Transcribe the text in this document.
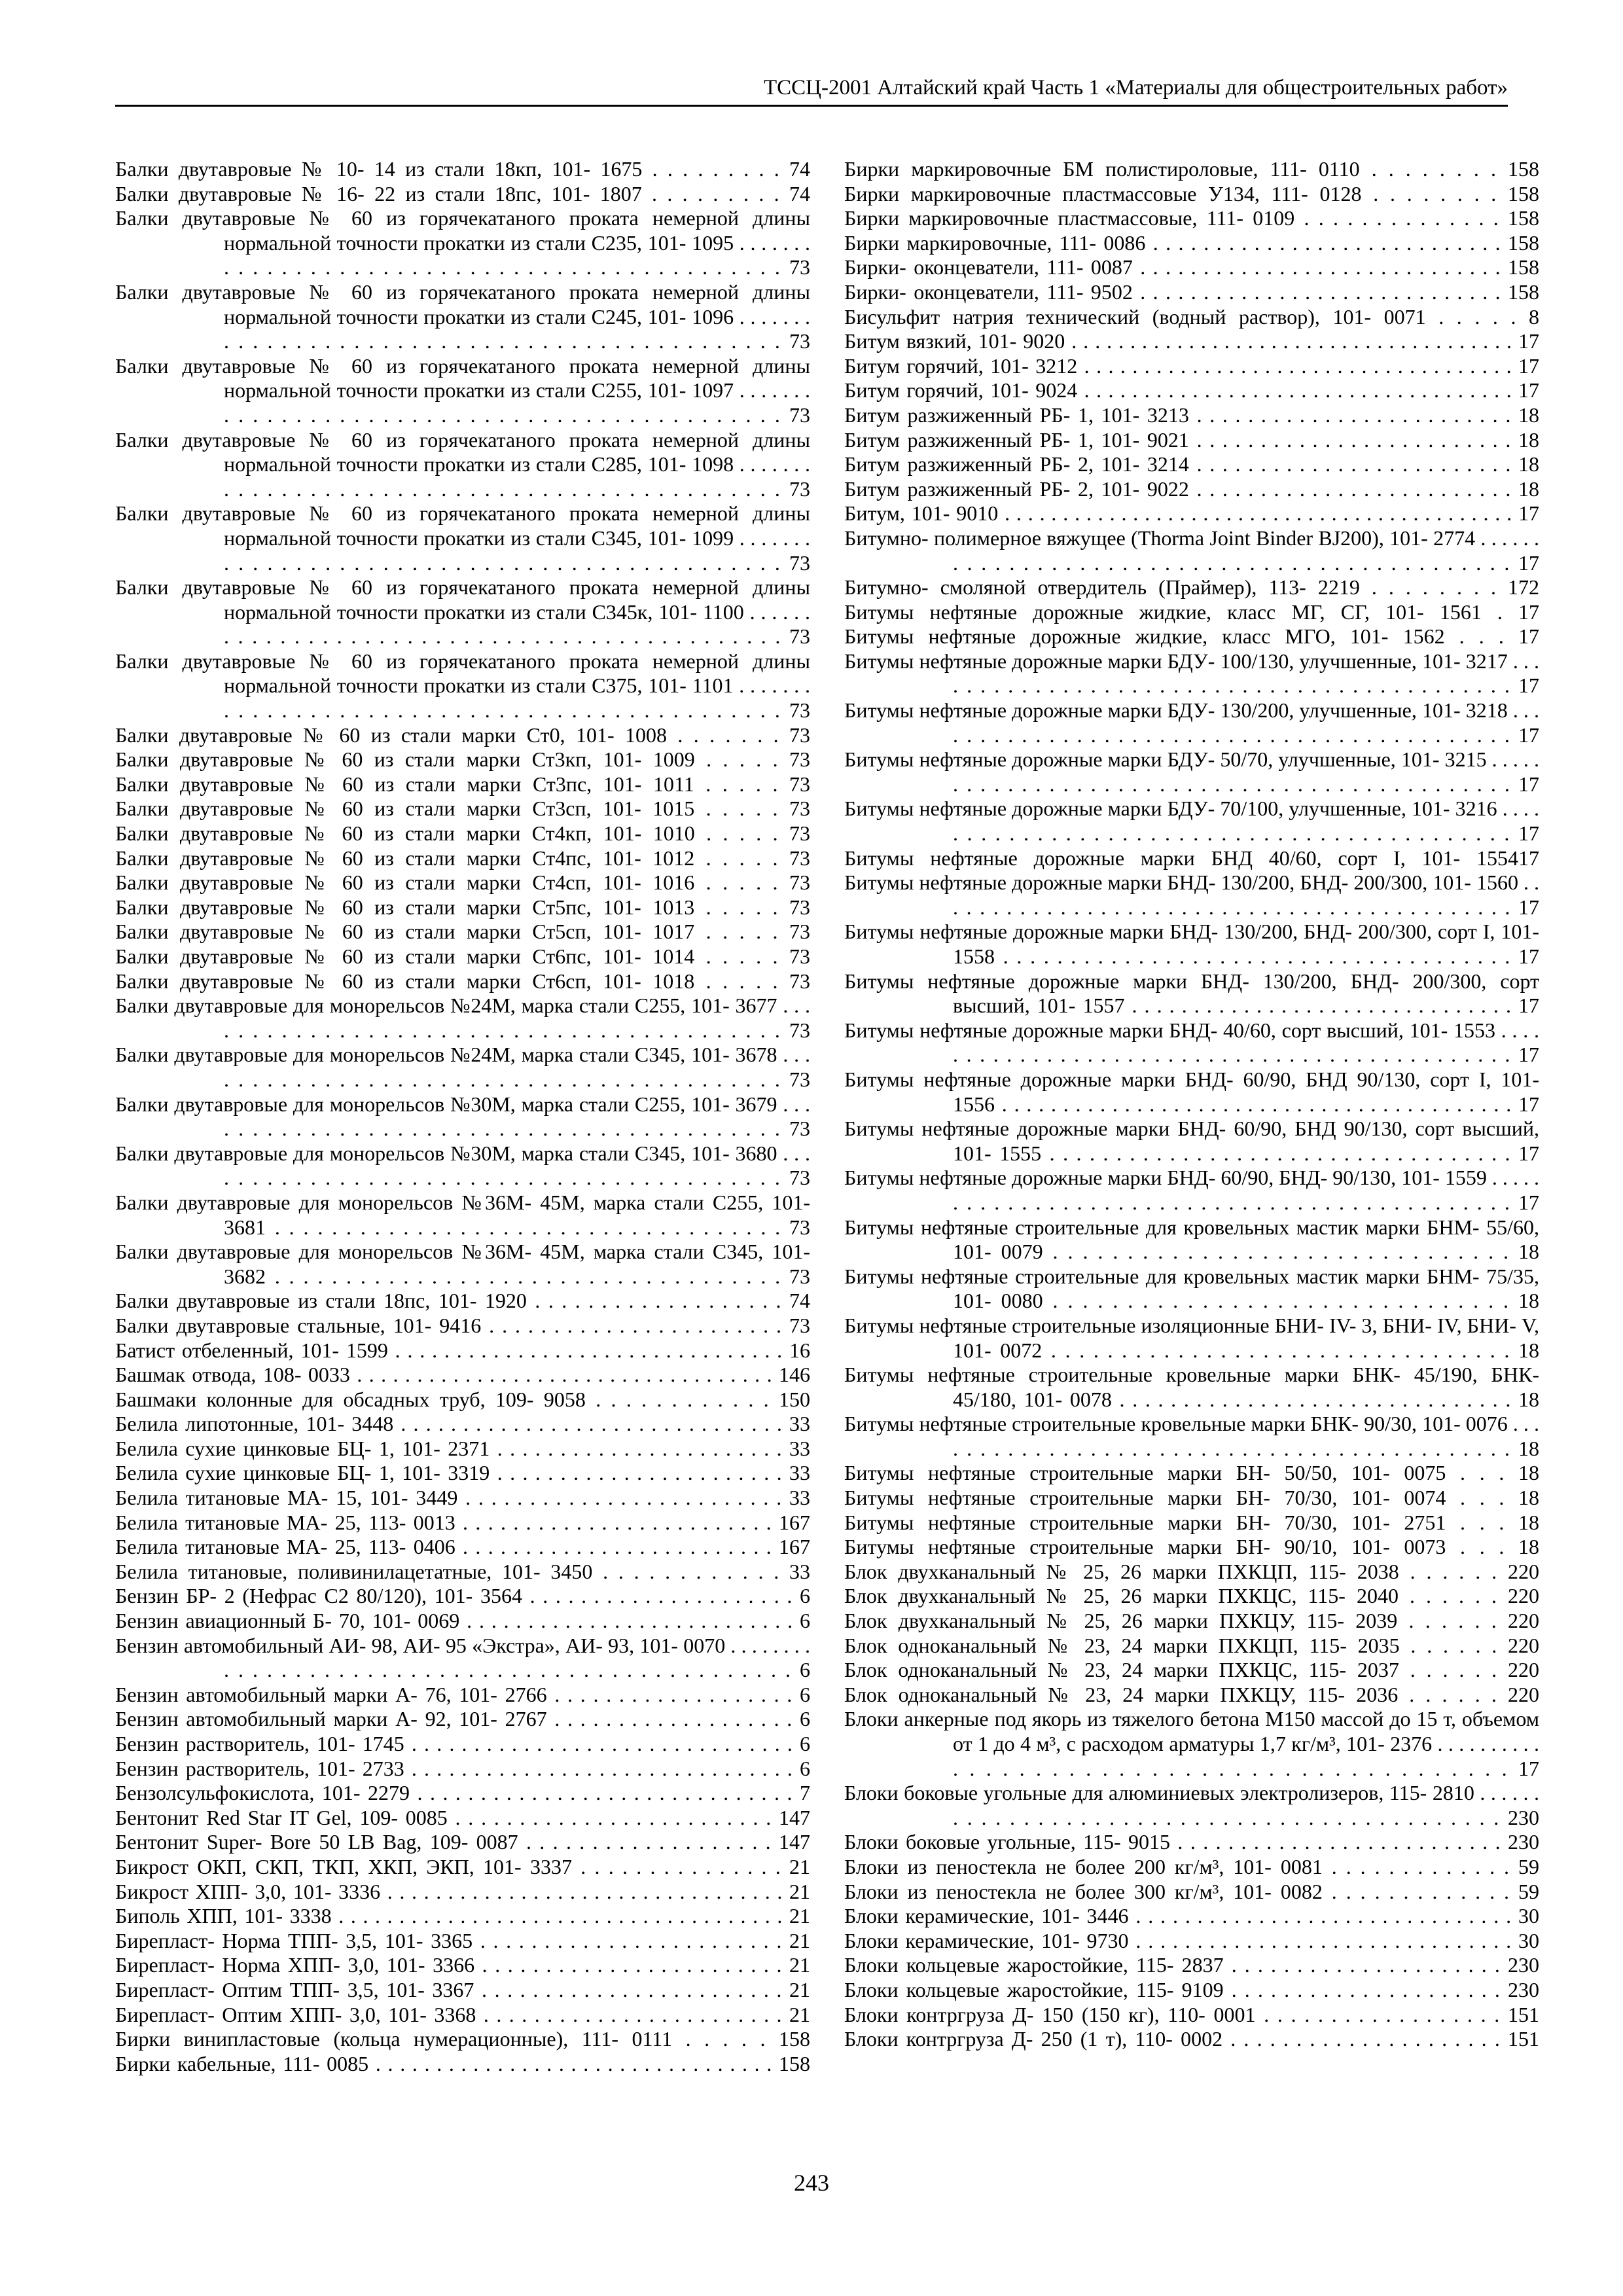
ТССЦ-2001 Алтайский край Часть 1 «Материалы для общестроительных работ»
Балки двутавровые № 10- 14 из стали 18кп, 101- 1675 . . . . . . . . . 74
Балки двутавровые № 16- 22 из стали 18пс, 101- 1807 . . . . . . . . . 74
Балки двутавровые № 60 из горячекатаного проката немерной длины нормальной точности прокатки из стали С235, 101- 1095 . . . . . . . . . . . . . . . . . . . . . . . . . . . . . . . . . . . . . . . . . . . . . . 73
Балки двутавровые № 60 из горячекатаного проката немерной длины нормальной точности прокатки из стали С245, 101- 1096 . . . . . . . . . . . . . . . . . . . . . . . . . . . . . . . . . . . . . . . . . . . . . . 73
Балки двутавровые № 60 из горячекатаного проката немерной длины нормальной точности прокатки из стали С255, 101- 1097 . . . . . . . . . . . . . . . . . . . . . . . . . . . . . . . . . . . . . . . . . . . . . . 73
Балки двутавровые № 60 из горячекатаного проката немерной длины нормальной точности прокатки из стали С285, 101- 1098 . . . . . . . . . . . . . . . . . . . . . . . . . . . . . . . . . . . . . . . . . . . . . . 73
Балки двутавровые № 60 из горячекатаного проката немерной длины нормальной точности прокатки из стали С345, 101- 1099 . . . . . . . . . . . . . . . . . . . . . . . . . . . . . . . . . . . . . . . . . . . . . . 73
Балки двутавровые № 60 из горячекатаного проката немерной длины нормальной точности прокатки из стали С345к, 101- 1100 . . . . . . . . . . . . . . . . . . . . . . . . . . . . . . . . . . . . . . . . . . . . . . 73
Балки двутавровые № 60 из горячекатаного проката немерной длины нормальной точности прокатки из стали С375, 101- 1101 . . . . . . . . . . . . . . . . . . . . . . . . . . . . . . . . . . . . . . . . . . . . . . 73
Балки двутавровые № 60 из стали марки Ст0, 101- 1008 . . . . . . . 73
Балки двутавровые № 60 из стали марки Ст3кп, 101- 1009 . . . . . 73
Балки двутавровые № 60 из стали марки Ст3пс, 101- 1011 . . . . . 73
Балки двутавровые № 60 из стали марки Ст3сп, 101- 1015 . . . . . 73
Балки двутавровые № 60 из стали марки Ст4кп, 101- 1010 . . . . . 73
Балки двутавровые № 60 из стали марки Ст4пс, 101- 1012 . . . . . 73
Балки двутавровые № 60 из стали марки Ст4сп, 101- 1016 . . . . . 73
Балки двутавровые № 60 из стали марки Ст5пс, 101- 1013 . . . . . 73
Балки двутавровые № 60 из стали марки Ст5сп, 101- 1017 . . . . . 73
Балки двутавровые № 60 из стали марки Ст6пс, 101- 1014 . . . . . 73
Балки двутавровые № 60 из стали марки Ст6сп, 101- 1018 . . . . . 73
Балки двутавровые для монорельсов №24М, марка стали С255, 101- 3677 . . . . . . . . . . . . . . . . . . . . . . . . . . . . . . . . . . . . . . . . . . 73
Балки двутавровые для монорельсов №24М, марка стали С345, 101- 3678 . . . . . . . . . . . . . . . . . . . . . . . . . . . . . . . . . . . . . . . . . . 73
Балки двутавровые для монорельсов №30М, марка стали С255, 101- 3679 . . . . . . . . . . . . . . . . . . . . . . . . . . . . . . . . . . . . . . . . . . 73
Балки двутавровые для монорельсов №30М, марка стали С345, 101- 3680 . . . . . . . . . . . . . . . . . . . . . . . . . . . . . . . . . . . . . . . . . . 73
Балки двутавровые для монорельсов №36М- 45М, марка стали С255, 101- 3681 . . . . . . . . . . . . . . . . . . . . . . . . . . . . . . . . . . . . 73
Балки двутавровые для монорельсов №36М- 45М, марка стали С345, 101- 3682 . . . . . . . . . . . . . . . . . . . . . . . . . . . . . . . . . . . . 73
Балки двутавровые из стали 18пс, 101- 1920 . . . . . . . . . . . . . . . . . . . 74
Балки двутавровые стальные, 101- 9416 . . . . . . . . . . . . . . . . . . . . . . . 73
Батист отбеленный, 101- 1599 . . . . . . . . . . . . . . . . . . . . . . . . . . . . . . . . 16
Башмак отвода, 108- 0033 . . . . . . . . . . . . . . . . . . . . . . . . . . . . . . . . . . . 146
Башмаки колонные для обсадных труб, 109- 9058 . . . . . . . . . . . . 150
Белила липотонные, 101- 3448 . . . . . . . . . . . . . . . . . . . . . . . . . . . . . . . 33
Белила сухие цинковые БЦ- 1, 101- 2371 . . . . . . . . . . . . . . . . . . . . . . . 33
Белила сухие цинковые БЦ- 1, 101- 3319 . . . . . . . . . . . . . . . . . . . . . . . 33
Белила титановые МА- 15, 101- 3449 . . . . . . . . . . . . . . . . . . . . . . . . . 33
Белила титановые МА- 25, 113- 0013 . . . . . . . . . . . . . . . . . . . . . . . . . 167
Белила титановые МА- 25, 113- 0406 . . . . . . . . . . . . . . . . . . . . . . . . . 167
Белила титановые, поливинилацетатные, 101- 3450 . . . . . . . . . . . . 33
Бензин БР- 2 (Нефрас С2 80/120), 101- 3564 . . . . . . . . . . . . . . . . . . . . . 6
Бензин авиационный Б- 70, 101- 0069 . . . . . . . . . . . . . . . . . . . . . . . . . . . 6
Бензин автомобильный АИ- 98, АИ- 95 «Экстра», АИ- 93, 101- 0070 . . . . . . . . . . . . . . . . . . . . . . . . . . . . . . . . . . . . . . . . . . . . . . . . 6
Бензин автомобильный марки А- 76, 101- 2766 . . . . . . . . . . . . . . . . . . . 6
Бензин автомобильный марки А- 92, 101- 2767 . . . . . . . . . . . . . . . . . . . 6
Бензин растворитель, 101- 1745 . . . . . . . . . . . . . . . . . . . . . . . . . . . . . . . 6
Бензин растворитель, 101- 2733 . . . . . . . . . . . . . . . . . . . . . . . . . . . . . . . 6
Бензолсульфокислота, 101- 2279 . . . . . . . . . . . . . . . . . . . . . . . . . . . . . . 7
Бентонит Red Star IT Gel, 109- 0085 . . . . . . . . . . . . . . . . . . . . . . . . . 147
Бентонит Super- Bore 50 LB Bag, 109- 0087 . . . . . . . . . . . . . . . . . . . 147
Бикрост ОКП, СКП, ТКП, ХКП, ЭКП, 101- 3337 . . . . . . . . . . . . . . . 21
Бикрост ХПП- 3,0, 101- 3336 . . . . . . . . . . . . . . . . . . . . . . . . . . . . . . . . . 21
Биполь ХПП, 101- 3338 . . . . . . . . . . . . . . . . . . . . . . . . . . . . . . . . . . . . . 21
Бирепласт- Норма ТПП- 3,5, 101- 3365 . . . . . . . . . . . . . . . . . . . . . . . . 21
Бирепласт- Норма ХПП- 3,0, 101- 3366 . . . . . . . . . . . . . . . . . . . . . . . . 21
Бирепласт- Оптим ТПП- 3,5, 101- 3367 . . . . . . . . . . . . . . . . . . . . . . . . 21
Бирепласт- Оптим ХПП- 3,0, 101- 3368 . . . . . . . . . . . . . . . . . . . . . . . . 21
Бирки винипластовые (кольца нумерационные), 111- 0111 . . . . . 158
Бирки кабельные, 111- 0085 . . . . . . . . . . . . . . . . . . . . . . . . . . . . . . . . . 158
Бирки маркировочные БМ полистироловые, 111- 0110 . . . . . . . . 158
Бирки маркировочные пластмассовые У134, 111- 0128 . . . . . . . . 158
Бирки маркировочные пластмассовые, 111- 0109 . . . . . . . . . . . . . . 158
Бирки маркировочные, 111- 0086 . . . . . . . . . . . . . . . . . . . . . . . . . . . . 158
Бирки- оконцеватели, 111- 0087 . . . . . . . . . . . . . . . . . . . . . . . . . . . . . 158
Бирки- оконцеватели, 111- 9502 . . . . . . . . . . . . . . . . . . . . . . . . . . . . . 158
Бисульфит натрия технический (водный раствор), 101- 0071 . . . . . 8
Битум вязкий, 101- 9020 . . . . . . . . . . . . . . . . . . . . . . . . . . . . . . . . . . . . . . 17
Битум горячий, 101- 3212 . . . . . . . . . . . . . . . . . . . . . . . . . . . . . . . . . . . . 17
Битум горячий, 101- 9024 . . . . . . . . . . . . . . . . . . . . . . . . . . . . . . . . . . . . 17
Битум разжиженный РБ- 1, 101- 3213 . . . . . . . . . . . . . . . . . . . . . . . . . 18
Битум разжиженный РБ- 1, 101- 9021 . . . . . . . . . . . . . . . . . . . . . . . . . 18
Битум разжиженный РБ- 2, 101- 3214 . . . . . . . . . . . . . . . . . . . . . . . . . 18
Битум разжиженный РБ- 2, 101- 9022 . . . . . . . . . . . . . . . . . . . . . . . . . 18
Битум, 101- 9010 . . . . . . . . . . . . . . . . . . . . . . . . . . . . . . . . . . . . . . . . . . . . 17
Битумно- полимерное вяжущее (Thorma Joint Binder BJ200), 101- 2774 . . . . . . . . . . . . . . . . . . . . . . . . . . . . . . . . . . . . . . . . . . . . . . 17
Битумно- смоляной отвердитель (Праймер), 113- 2219 . . . . . . . . 172
Битумы нефтяные дорожные жидкие, класс МГ, СГ, 101- 1561 . 17
Битумы нефтяные дорожные жидкие, класс МГО, 101- 1562 . . . 17
Битумы нефтяные дорожные марки БДУ- 100/130, улучшенные, 101- 3217 . . . . . . . . . . . . . . . . . . . . . . . . . . . . . . . . . . . . . . . . . . . . 17
Битумы нефтяные дорожные марки БДУ- 130/200, улучшенные, 101- 3218 . . . . . . . . . . . . . . . . . . . . . . . . . . . . . . . . . . . . . . . . . . . . 17
Битумы нефтяные дорожные марки БДУ- 50/70, улучшенные, 101- 3215 . . . . . . . . . . . . . . . . . . . . . . . . . . . . . . . . . . . . . . . . . . . . . . 17
Битумы нефтяные дорожные марки БДУ- 70/100, улучшенные, 101- 3216 . . . . . . . . . . . . . . . . . . . . . . . . . . . . . . . . . . . . . . . . . . . . 17
Битумы нефтяные дорожные марки БНД 40/60, сорт I, 101- 155417
Битумы нефтяные дорожные марки БНД- 130/200, БНД- 200/300, 101- 1560 . . . . . . . . . . . . . . . . . . . . . . . . . . . . . . . . . . . . . . . . . . . . 17
Битумы нефтяные дорожные марки БНД- 130/200, БНД- 200/300, сорт I, 101- 1558 . . . . . . . . . . . . . . . . . . . . . . . . . . . . . . . . . . . . . . 17
Битумы нефтяные дорожные марки БНД- 130/200, БНД- 200/300, сорт высший, 101- 1557 . . . . . . . . . . . . . . . . . . . . . . . . . . . . . . . 17
Битумы нефтяные дорожные марки БНД- 40/60, сорт высший, 101- 1553 . . . . . . . . . . . . . . . . . . . . . . . . . . . . . . . . . . . . . . . . . . . . . . 17
Битумы нефтяные дорожные марки БНД- 60/90, БНД 90/130, сорт I, 101- 1556 . . . . . . . . . . . . . . . . . . . . . . . . . . . . . . . . . . . . . . . . . . 17
Битумы нефтяные дорожные марки БНД- 60/90, БНД 90/130, сорт высший, 101- 1555 . . . . . . . . . . . . . . . . . . . . . . . . . . . . . . . . . . . 17
Битумы нефтяные дорожные марки БНД- 60/90, БНД- 90/130, 101- 1559 . . . . . . . . . . . . . . . . . . . . . . . . . . . . . . . . . . . . . . . . . . . . . . 17
Битумы нефтяные строительные для кровельных мастик марки БНМ- 55/60, 101- 0079 . . . . . . . . . . . . . . . . . . . . . . . . . . . . . . . 18
Битумы нефтяные строительные для кровельных мастик марки БНМ- 75/35, 101- 0080 . . . . . . . . . . . . . . . . . . . . . . . . . . . . . . . 18
Битумы нефтяные строительные изоляционные БНИ- IV- 3, БНИ- IV, БНИ- V, 101- 0072 . . . . . . . . . . . . . . . . . . . . . . . . . . . . . . . . . 18
Битумы нефтяные строительные кровельные марки БНК- 45/190, БНК- 45/180, 101- 0078 . . . . . . . . . . . . . . . . . . . . . . . . . . . . . . . 18
Битумы нефтяные строительные кровельные марки БНК- 90/30, 101- 0076 . . . . . . . . . . . . . . . . . . . . . . . . . . . . . . . . . . . . . . . . . . . . 18
Битумы нефтяные строительные марки БН- 50/50, 101- 0075 . . . 18
Битумы нефтяные строительные марки БН- 70/30, 101- 0074 . . . 18
Битумы нефтяные строительные марки БН- 70/30, 101- 2751 . . . 18
Битумы нефтяные строительные марки БН- 90/10, 101- 0073 . . . 18
Блок двухканальный № 25, 26 марки ПХКЦП, 115- 2038 . . . . . . 220
Блок двухканальный № 25, 26 марки ПХКЦС, 115- 2040 . . . . . . 220
Блок двухканальный № 25, 26 марки ПХКЦУ, 115- 2039 . . . . . . 220
Блок одноканальный № 23, 24 марки ПХКЦП, 115- 2035 . . . . . . 220
Блок одноканальный № 23, 24 марки ПХКЦС, 115- 2037 . . . . . . 220
Блок одноканальный № 23, 24 марки ПХКЦУ, 115- 2036 . . . . . . 220
Блоки анкерные под якорь из тяжелого бетона М150 массой до 15 т, объемом от 1 до 4 м³, с расходом арматуры 1,7 кг/м³, 101- 2376 . . . . . . . . . . . . . . . . . . . . . . . . . . . . . . . . . . . . . . . . . . . . 17
Блоки боковые угольные для алюминиевых электролизеров, 115- 2810 . . . . . . . . . . . . . . . . . . . . . . . . . . . . . . . . . . . . . . . . . . . . . 230
Блоки боковые угольные, 115- 9015 . . . . . . . . . . . . . . . . . . . . . . . . . . 230
Блоки из пеностекла не более 200 кг/м³, 101- 0081 . . . . . . . . . . . . . 59
Блоки из пеностекла не более 300 кг/м³, 101- 0082 . . . . . . . . . . . . . 59
Блоки керамические, 101- 3446 . . . . . . . . . . . . . . . . . . . . . . . . . . . . . . . 30
Блоки керамические, 101- 9730 . . . . . . . . . . . . . . . . . . . . . . . . . . . . . . . 30
Блоки кольцевые жаростойкие, 115- 2837 . . . . . . . . . . . . . . . . . . . . . 230
Блоки кольцевые жаростойкие, 115- 9109 . . . . . . . . . . . . . . . . . . . . . 230
Блоки контргруза Д- 150 (150 кг), 110- 0001 . . . . . . . . . . . . . . . . . . 151
Блоки контргруза Д- 250 (1 т), 110- 0002 . . . . . . . . . . . . . . . . . . . . . 151
243
